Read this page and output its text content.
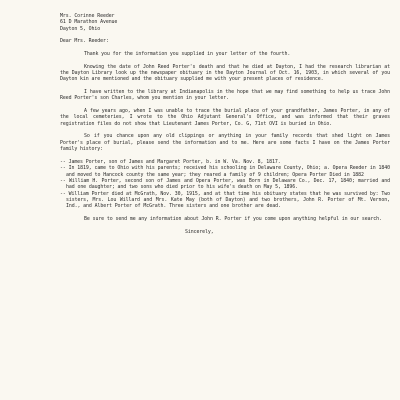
Mrs. Corinne Reeder
61 D Marathon Avenue
Dayton 5, Ohio
Dear Mrs. Reeder:

Thank you for the information you supplied in your letter of the fourth.

Knowing the date of John Reed Porter's death and that he died at Dayton, I had the research librarian at the Dayton Library look up the newspaper obituary in the Dayton Journal of Oct. 16, 1903, in which several of you Dayton kin are mentioned and the obituary supplied me with your present places of residence.

I have written to the library at Indianapolis in the hope that we may find something to help us trace John Reed Porter's son Charles, whom you mention in your letter.

A few years ago, when I was unable to trace the burial place of your grandfather, James Porter, in any of the local cemeteries, I wrote to the Ohio Adjutant General's Office, and was informed that their graves registration files do not show that Lieutenant James Porter, Co. G, 71st OVI is buried in Ohio.

So if you chance upon any old clippings or anything in your family records that shed light on James Porter's place of burial, please send the information and to me. Here are some facts I have on the James Porter family history:

-- James Porter, son of James and Margaret Porter, b. in W. Va. Nov. 8, 1817.
-- In 1819, came to Ohio with his parents; received his schooling in Delaware County, Ohio; a. Opera Reeder in 1840 and moved to Hancock county the same year; they reared a family of 9 children; Opera Porter Died in 1882
-- William H. Porter, second son of James and Opera Porter, was Born in Delaware Co., Dec. 17, 1840; married and had one daughter; and two sons who died prior to his wife's death on May 5, 1896.
-- William Porter died at McGrath, Nov. 30, 1915, and at that time his obituary states that he was survived by: Two sisters, Mrs. Lou Willard and Mrs. Kate May (both of Dayton) and two brothers, John R. Porter of Mt. Vernon, Ind., and Albert Porter of McGrath. Three sisters and one brother are dead.

Be sure to send me any information about John R. Porter if you come upon anything helpful in our search.

Sincerely,
